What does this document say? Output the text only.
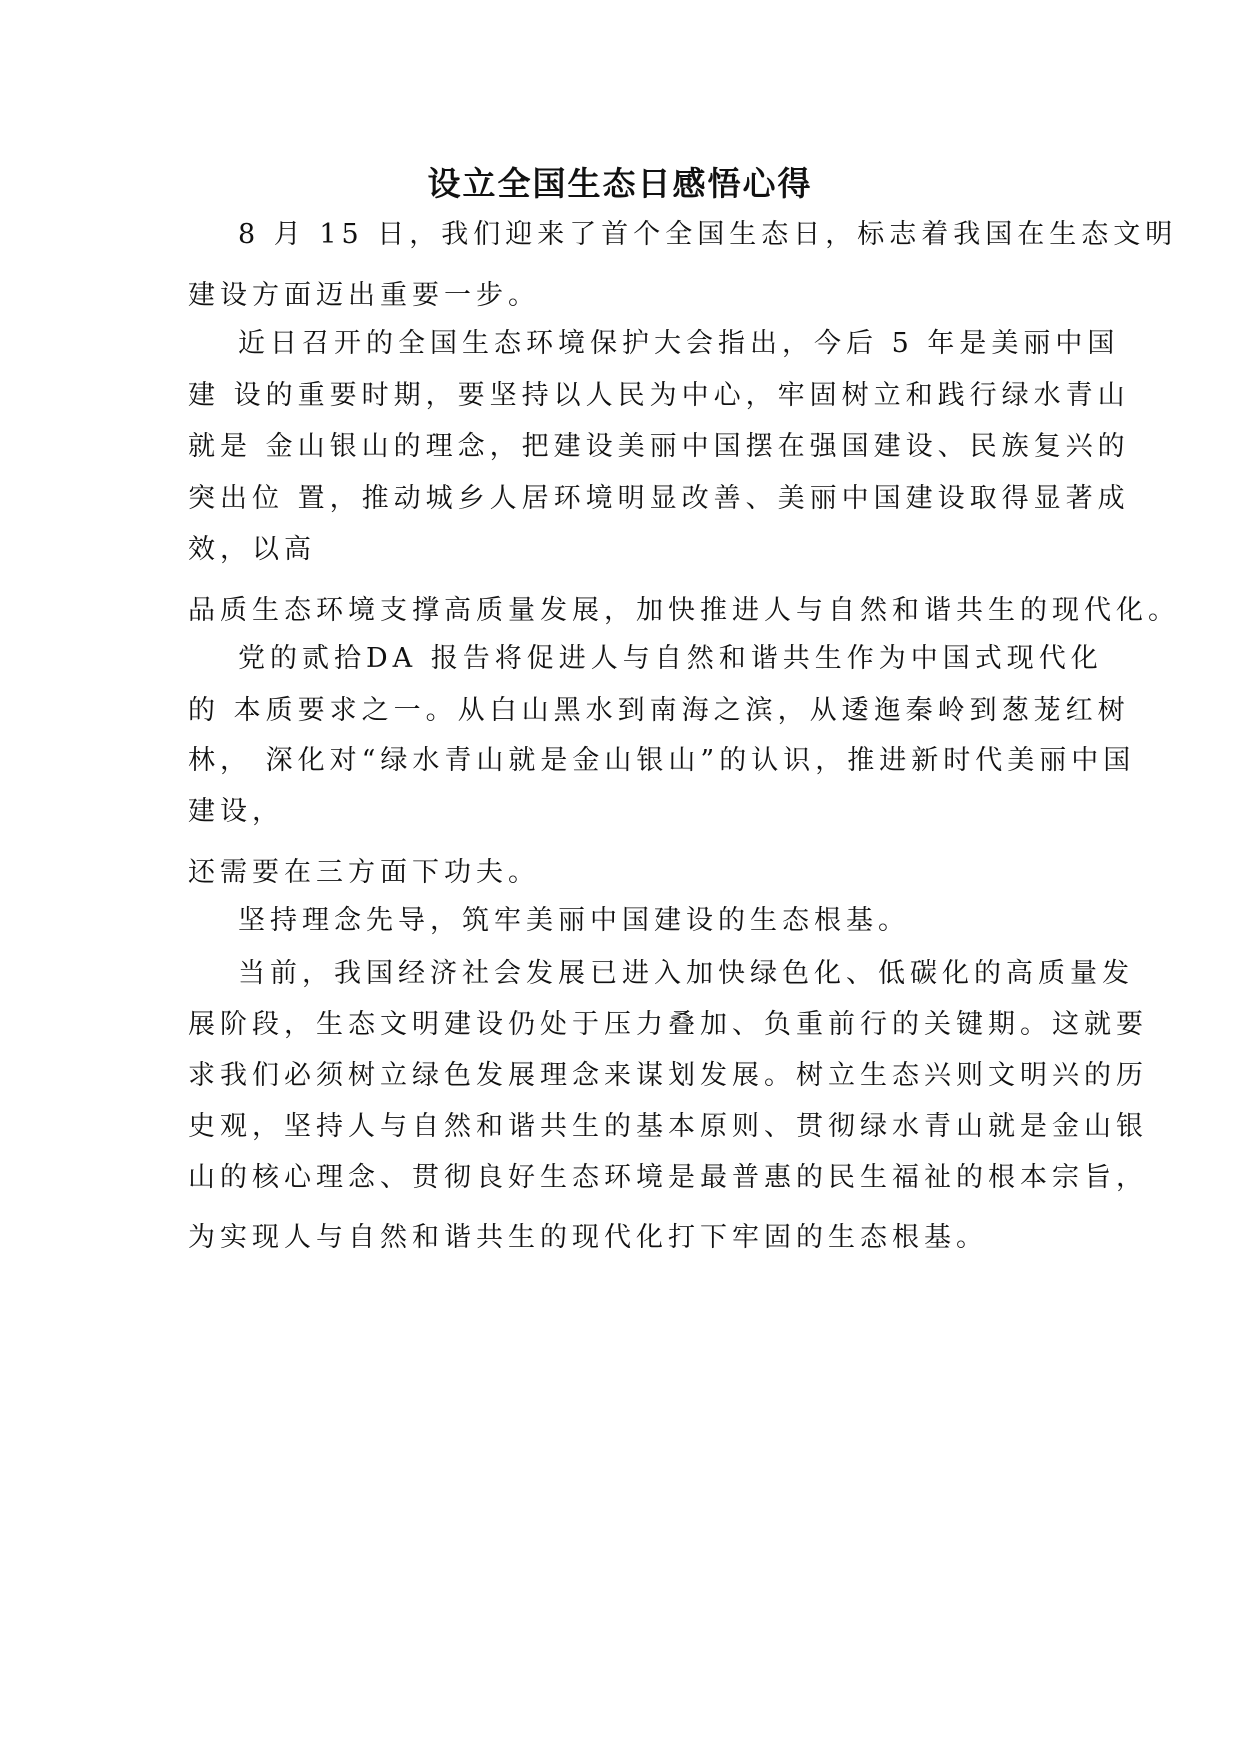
设立全国生态日感悟心得
8 月 15 日，我们迎来了首个全国生态日，标志着我国在生态文明
建设方面迈出重要一步。
近日召开的全国生态环境保护大会指出，今后 5 年是美丽中国
建 设的重要时期，要坚持以人民为中心，牢固树立和践行绿水青山
就是 金山银山的理念，把建设美丽中国摆在强国建设、民族复兴的
突出位 置，推动城乡人居环境明显改善、美丽中国建设取得显著成
效，以高
品质生态环境支撑高质量发展，加快推进人与自然和谐共生的现代化。
党的贰拾DA 报告将促进人与自然和谐共生作为中国式现代化
的 本质要求之一。从白山黑水到南海之滨，从逶迤秦岭到葱茏红树
林， 深化对“绿水青山就是金山银山”的认识，推进新时代美丽中国
建设，
还需要在三方面下功夫。
坚持理念先导，筑牢美丽中国建设的生态根基。
当前，我国经济社会发展已进入加快绿色化、低碳化的高质量发
展阶段，生态文明建设仍处于压力叠加、负重前行的关键期。这就要
求我们必须树立绿色发展理念来谋划发展。树立生态兴则文明兴的历
史观，坚持人与自然和谐共生的基本原则、贯彻绿水青山就是金山银
山的核心理念、贯彻良好生态环境是最普惠的民生福祉的根本宗旨，
为实现人与自然和谐共生的现代化打下牢固的生态根基。
